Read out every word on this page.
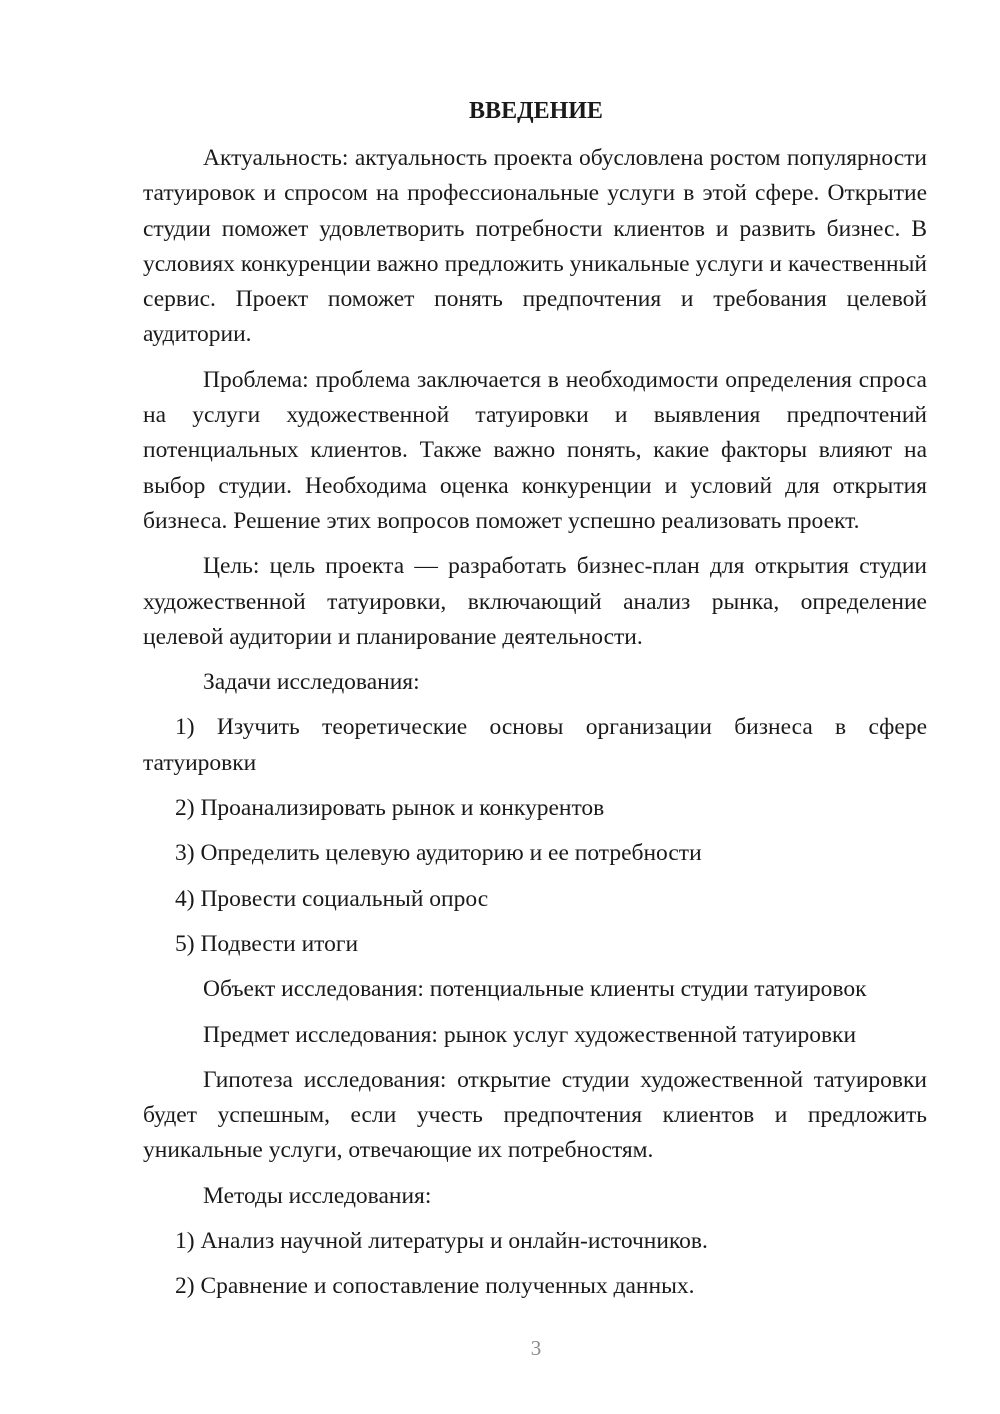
ВВЕДЕНИЕ

Актуальность: актуальность проекта обусловлена ростом популярности татуировок и спросом на профессиональные услуги в этой сфере. Открытие студии поможет удовлетворить потребности клиентов и развить бизнес. В условиях конкуренции важно предложить уникальные услуги и качественный сервис. Проект поможет понять предпочтения и требования целевой аудитории.

Проблема: проблема заключается в необходимости определения спроса на услуги художественной татуировки и выявления предпочтений потенциальных клиентов. Также важно понять, какие факторы влияют на выбор студии. Необходима оценка конкуренции и условий для открытия бизнеса. Решение этих вопросов поможет успешно реализовать проект.

Цель: цель проекта — разработать бизнес-план для открытия студии художественной татуировки, включающий анализ рынка, определение целевой аудитории и планирование деятельности.

Задачи исследования:

1) Изучить теоретические основы организации бизнеса в сфере татуировки

2) Проанализировать рынок и конкурентов

3) Определить целевую аудиторию и ее потребности

4) Провести социальный опрос

5) Подвести итоги

Объект исследования: потенциальные клиенты студии татуировок

Предмет исследования: рынок услуг художественной татуировки

Гипотеза исследования: открытие студии художественной татуировки будет успешным, если учесть предпочтения клиентов и предложить уникальные услуги, отвечающие их потребностям.

Методы исследования:

1) Анализ научной литературы и онлайн-источников.

2) Сравнение и сопоставление полученных данных.

3
